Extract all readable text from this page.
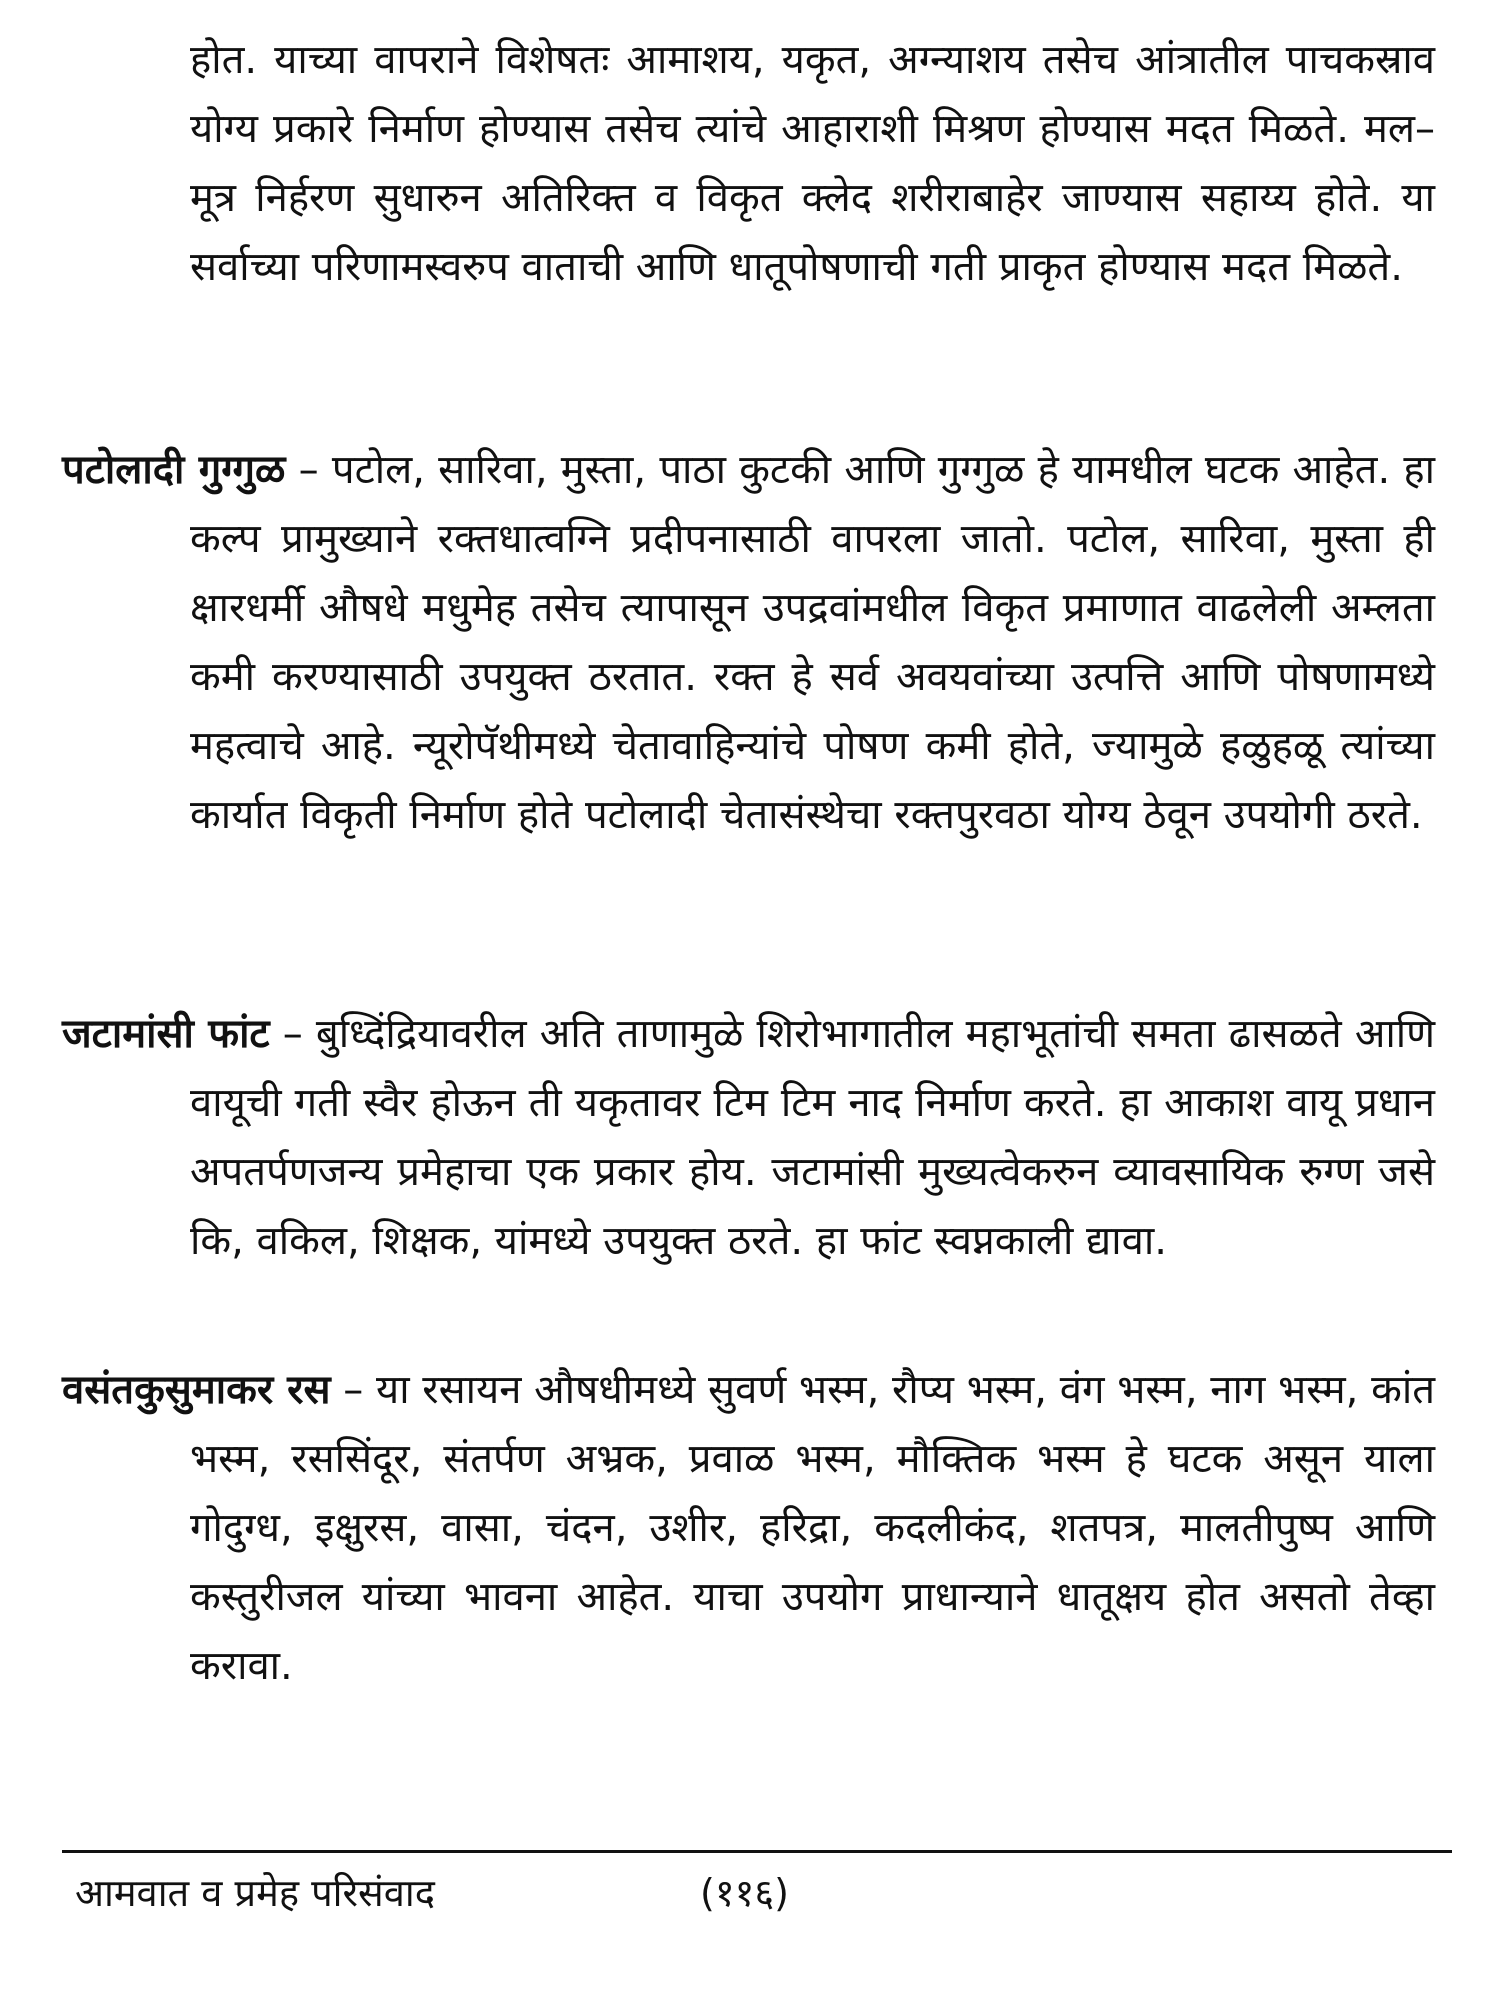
होत. याच्या वापराने विशेषतः आमाशय, यकृत, अग्न्याशय तसेच आंत्रातील पाचकस्राव योग्य प्रकारे निर्माण होण्यास तसेच त्यांचे आहाराशी मिश्रण होण्यास मदत मिळते. मल–मूत्र निर्हरण सुधारुन अतिरिक्त व विकृत क्लेद शरीराबाहेर जाण्यास सहाय्य होते. या सर्वाच्या परिणामस्वरुप वाताची आणि धातूपोषणाची गती प्राकृत होण्यास मदत मिळते.

पटोलादी गुग्गुळ – पटोल, सारिवा, मुस्ता, पाठा कुटकी आणि गुग्गुळ हे यामधील घटक आहेत. हा कल्प प्रामुख्याने रक्तधात्वग्नि प्रदीपनासाठी वापरला जातो. पटोल, सारिवा, मुस्ता ही क्षारधर्मी औषधे मधुमेह तसेच त्यापासून उपद्रवांमधील विकृत प्रमाणात वाढलेली अम्लता कमी करण्यासाठी उपयुक्त ठरतात. रक्त हे सर्व अवयवांच्या उत्पत्ति आणि पोषणामध्ये महत्वाचे आहे. न्यूरोपॅथीमध्ये चेतावाहिन्यांचे पोषण कमी होते, ज्यामुळे हळुहळू त्यांच्या कार्यात विकृती निर्माण होते पटोलादी चेतासंस्थेचा रक्तपुरवठा योग्य ठेवून उपयोगी ठरते.

जटामांसी फांट – बुध्दिंद्रियावरील अति ताणामुळे शिरोभागातील महाभूतांची समता ढासळते आणि वायूची गती स्वैर होऊन ती यकृतावर टिम टिम नाद निर्माण करते. हा आकाश वायू प्रधान अपतर्पणजन्य प्रमेहाचा एक प्रकार होय. जटामांसी मुख्यत्वेकरुन व्यावसायिक रुग्ण जसे कि, वकिल, शिक्षक, यांमध्ये उपयुक्त ठरते. हा फांट स्वप्नकाली द्यावा.

वसंतकुसुमाकर रस – या रसायन औषधीमध्ये सुवर्ण भस्म, रौप्य भस्म, वंग भस्म, नाग भस्म, कांत भस्म, रससिंदूर, संतर्पण अभ्रक, प्रवाळ भस्म, मौक्तिक भस्म हे घटक असून याला गोदुग्ध, इक्षुरस, वासा, चंदन, उशीर, हरिद्रा, कदलीकंद, शतपत्र, मालतीपुष्प आणि कस्तुरीजल यांच्या भावना आहेत. याचा उपयोग प्राधान्याने धातूक्षय होत असतो तेव्हा करावा.

आमवात व प्रमेह परिसंवाद	(११६)
